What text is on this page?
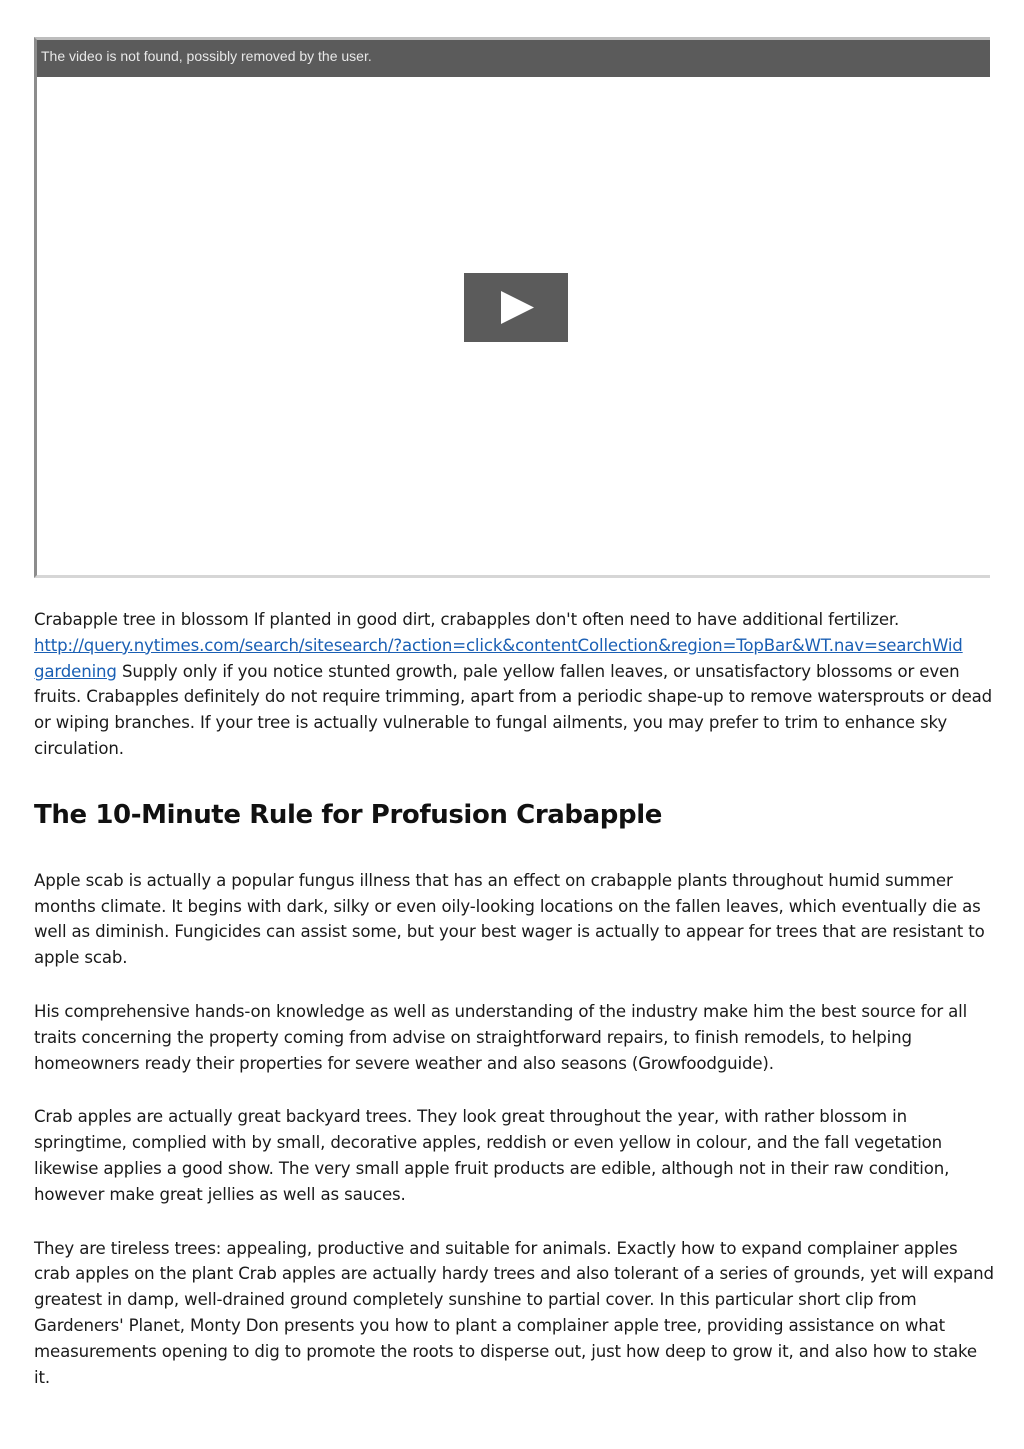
The video is not found, possibly removed by the user.

Crabapple tree in blossom If planted in good dirt, crabapples don't often need to have additional fertilizer.
http://query.nytimes.com/search/sitesearch/?action=click&contentCollection&region=TopBar&WT.nav=searchWid
gardening Supply only if you notice stunted growth, pale yellow fallen leaves, or unsatisfactory blossoms or even fruits. Crabapples definitely do not require trimming, apart from a periodic shape-up to remove watersprouts or dead or wiping branches. If your tree is actually vulnerable to fungal ailments, you may prefer to trim to enhance sky circulation.

The 10-Minute Rule for Profusion Crabapple

Apple scab is actually a popular fungus illness that has an effect on crabapple plants throughout humid summer months climate. It begins with dark, silky or even oily-looking locations on the fallen leaves, which eventually die as well as diminish. Fungicides can assist some, but your best wager is actually to appear for trees that are resistant to apple scab.

His comprehensive hands-on knowledge as well as understanding of the industry make him the best source for all traits concerning the property coming from advise on straightforward repairs, to finish remodels, to helping homeowners ready their properties for severe weather and also seasons (Growfoodguide).

Crab apples are actually great backyard trees. They look great throughout the year, with rather blossom in springtime, complied with by small, decorative apples, reddish or even yellow in colour, and the fall vegetation likewise applies a good show. The very small apple fruit products are edible, although not in their raw condition, however make great jellies as well as sauces.

They are tireless trees: appealing, productive and suitable for animals. Exactly how to expand complainer apples crab apples on the plant Crab apples are actually hardy trees and also tolerant of a series of grounds, yet will expand greatest in damp, well-drained ground completely sunshine to partial cover. In this particular short clip from Gardeners' Planet, Monty Don presents you how to plant a complainer apple tree, providing assistance on what measurements opening to dig to promote the roots to disperse out, just how deep to grow it, and also how to stake it.
